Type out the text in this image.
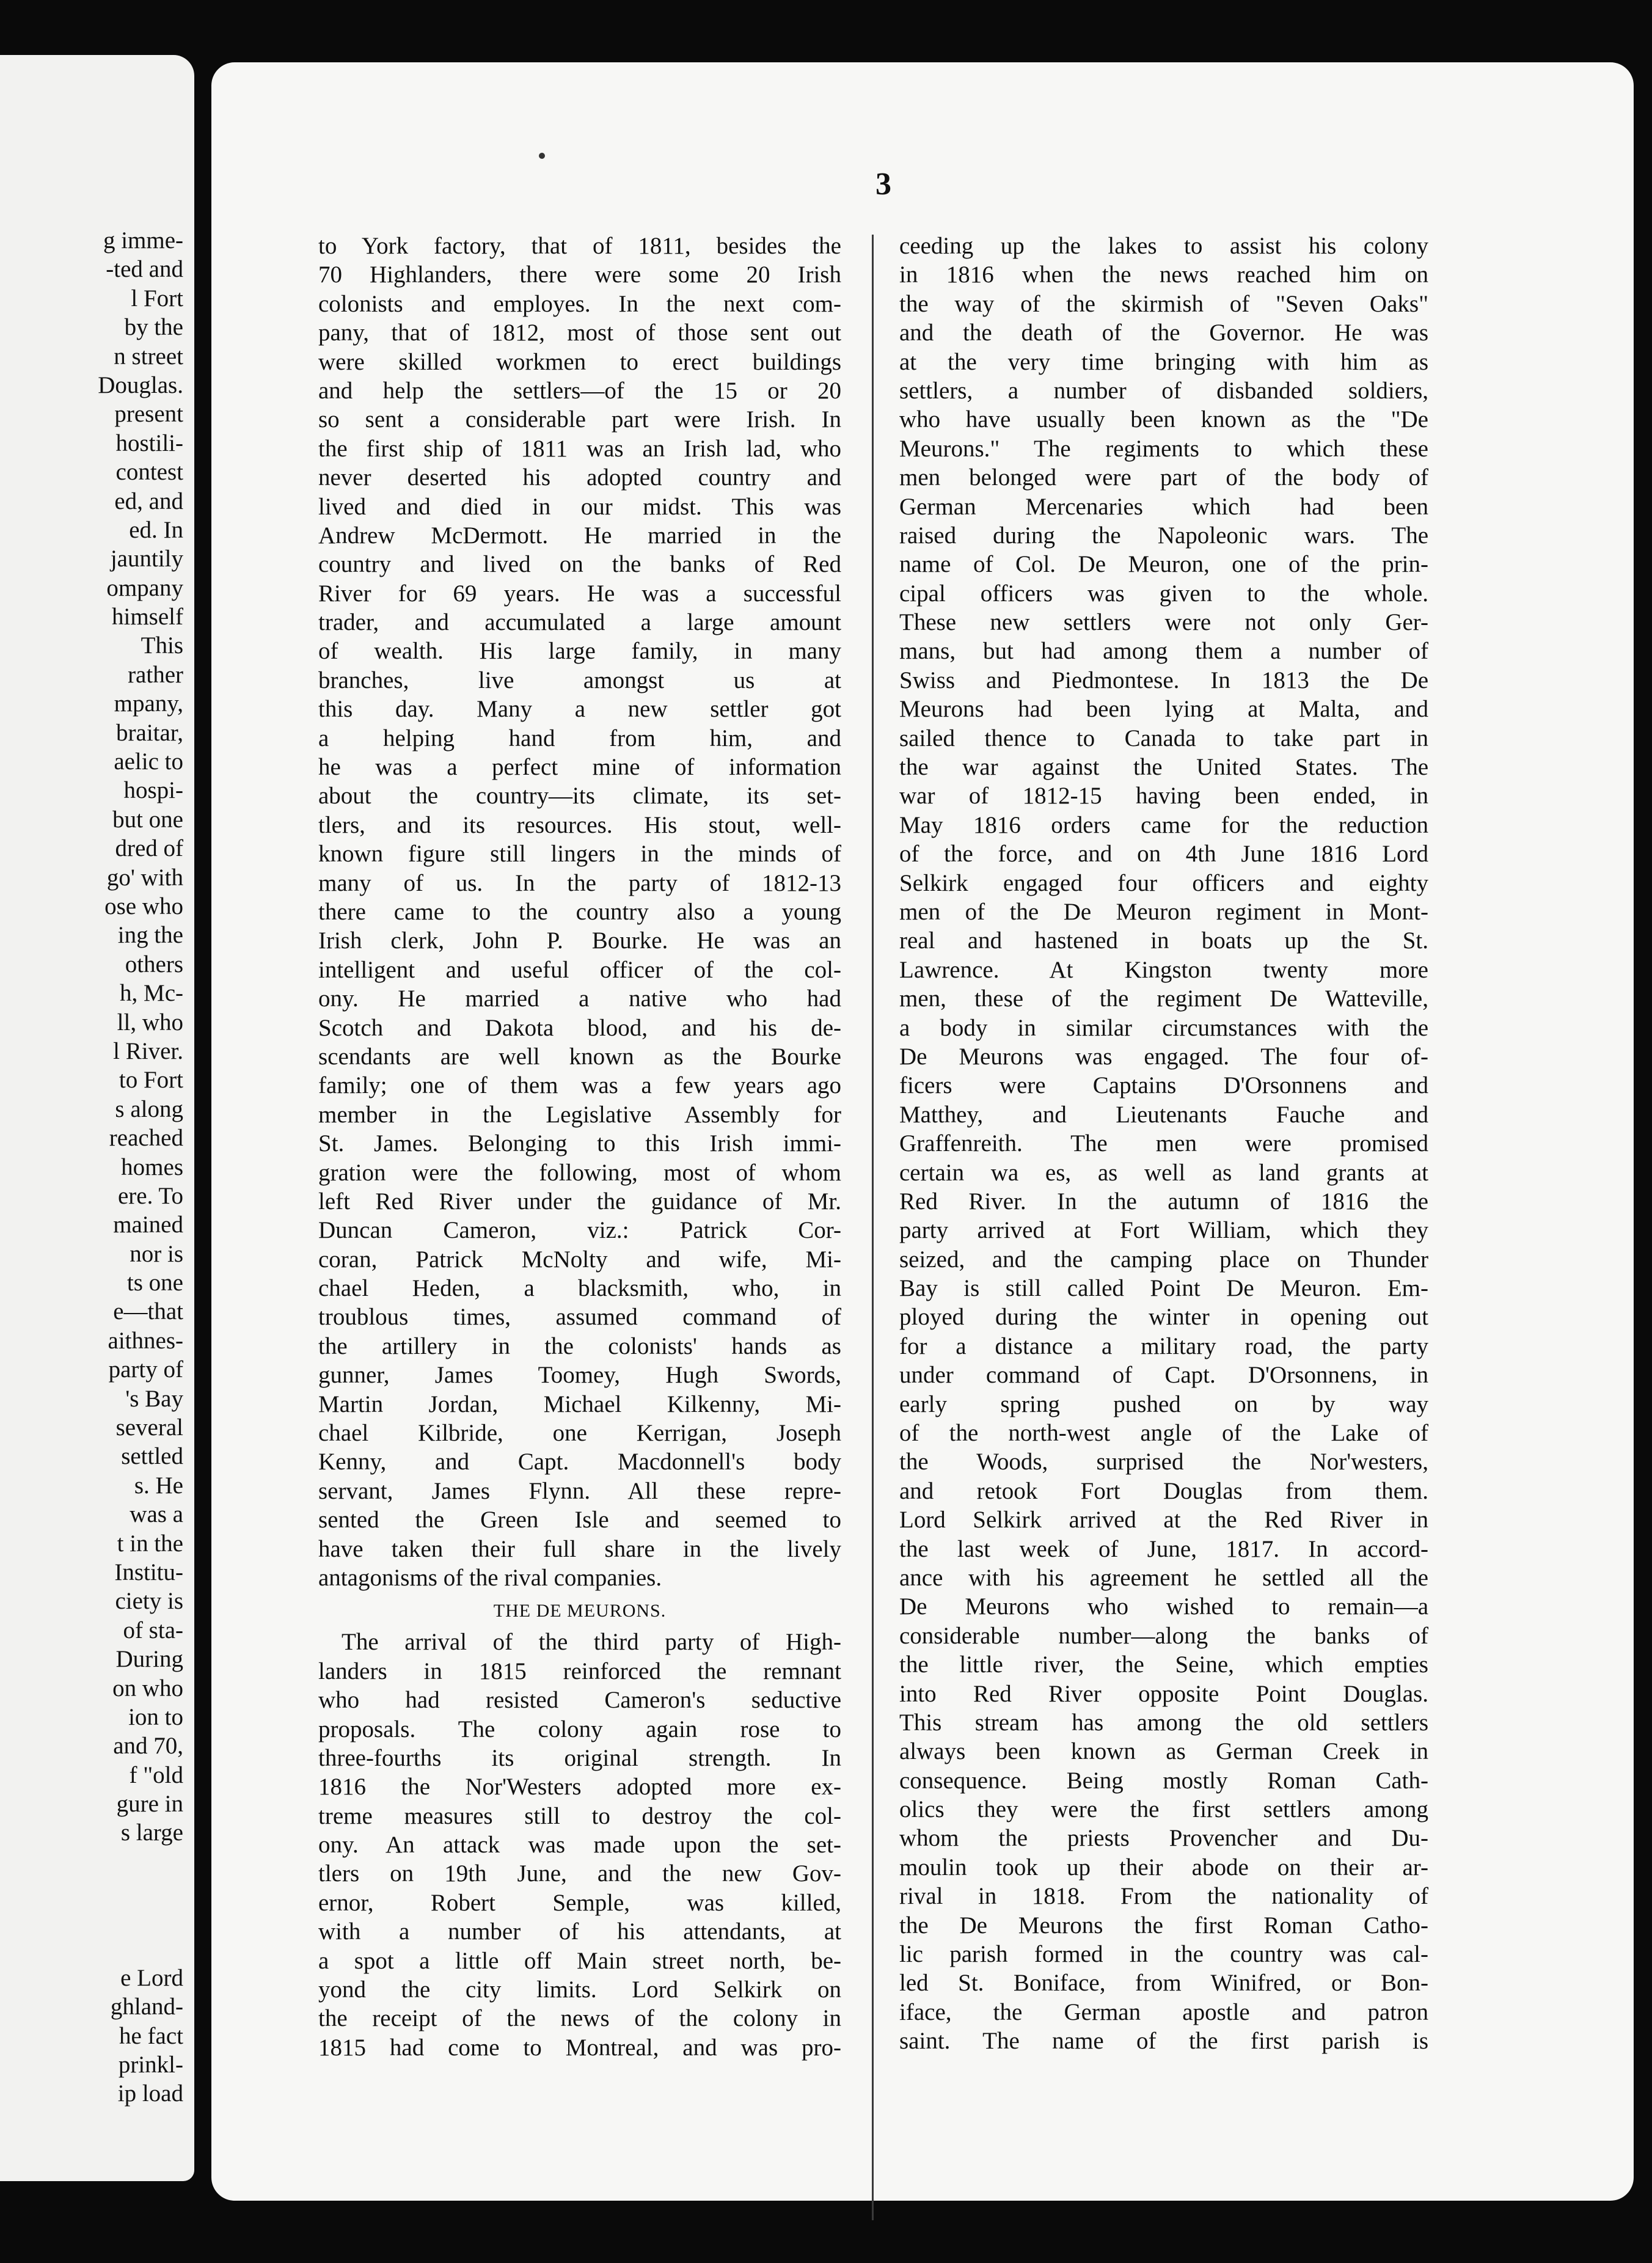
g imme-
-ted and
l Fort
by the
n street
Douglas.
present
hostili-
contest
ed, and
ed. In
jauntily
ompany
himself
This
rather
mpany,
braitar,
aelic to
hospi-
but one
dred of
go' with
ose who
ing the
others
h, Mc-
ll, who
l River.
to Fort
s along
reached
homes
ere. To
mained
nor is
ts one
e—that
aithnes-
party of
's Bay
several
settled
s. He
was a
t in the
Institu-
ciety is
of sta-
During
on who
ion to
and 70,
f "old
gure in
s large
e Lord
ghland-
he fact
prinkl-
ip load
3
to York factory, that of 1811, besides the
70 Highlanders, there were some 20 Irish
colonists and employes. In the next com-
pany, that of 1812, most of those sent out
were skilled workmen to erect buildings
and help the settlers—of the 15 or 20
so sent a considerable part were Irish. In
the first ship of 1811 was an Irish lad, who
never deserted his adopted country and
lived and died in our midst. This was
Andrew McDermott. He married in the
country and lived on the banks of Red
River for 69 years. He was a successful
trader, and accumulated a large amount
of wealth. His large family, in many
branches, live amongst us at
this day. Many a new settler got
a helping hand from him, and
he was a perfect mine of information
about the country—its climate, its set-
tlers, and its resources. His stout, well-
known figure still lingers in the minds of
many of us. In the party of 1812-13
there came to the country also a young
Irish clerk, John P. Bourke. He was an
intelligent and useful officer of the col-
ony. He married a native who had
Scotch and Dakota blood, and his de-
scendants are well known as the Bourke
family; one of them was a few years ago
member in the Legislative Assembly for
St. James. Belonging to this Irish immi-
gration were the following, most of whom
left Red River under the guidance of Mr.
Duncan Cameron, viz.: Patrick Cor-
coran, Patrick McNolty and wife, Mi-
chael Heden, a blacksmith, who, in
troublous times, assumed command of
the artillery in the colonists' hands as
gunner, James Toomey, Hugh Swords,
Martin Jordan, Michael Kilkenny, Mi-
chael Kilbride, one Kerrigan, Joseph
Kenny, and Capt. Macdonnell's body
servant, James Flynn. All these repre-
sented the Green Isle and seemed to
have taken their full share in the lively
antagonisms of the rival companies.
THE DE MEURONS.
The arrival of the third party of High-
landers in 1815 reinforced the remnant
who had resisted Cameron's seductive
proposals. The colony again rose to
three-fourths its original strength. In
1816 the Nor'Westers adopted more ex-
treme measures still to destroy the col-
ony. An attack was made upon the set-
tlers on 19th June, and the new Gov-
ernor, Robert Semple, was killed,
with a number of his attendants, at
a spot a little off Main street north, be-
yond the city limits. Lord Selkirk on
the receipt of the news of the colony in
1815 had come to Montreal, and was pro-
ceeding up the lakes to assist his colony
in 1816 when the news reached him on
the way of the skirmish of "Seven Oaks"
and the death of the Governor. He was
at the very time bringing with him as
settlers, a number of disbanded soldiers,
who have usually been known as the "De
Meurons." The regiments to which these
men belonged were part of the body of
German Mercenaries which had been
raised during the Napoleonic wars. The
name of Col. De Meuron, one of the prin-
cipal officers was given to the whole.
These new settlers were not only Ger-
mans, but had among them a number of
Swiss and Piedmontese. In 1813 the De
Meurons had been lying at Malta, and
sailed thence to Canada to take part in
the war against the United States. The
war of 1812-15 having been ended, in
May 1816 orders came for the reduction
of the force, and on 4th June 1816 Lord
Selkirk engaged four officers and eighty
men of the De Meuron regiment in Mont-
real and hastened in boats up the St.
Lawrence. At Kingston twenty more
men, these of the regiment De Watteville,
a body in similar circumstances with the
De Meurons was engaged. The four of-
ficers were Captains D'Orsonnens and
Matthey, and Lieutenants Fauche and
Graffenreith. The men were promised
certain wa es, as well as land grants at
Red River. In the autumn of 1816 the
party arrived at Fort William, which they
seized, and the camping place on Thunder
Bay is still called Point De Meuron. Em-
ployed during the winter in opening out
for a distance a military road, the party
under command of Capt. D'Orsonnens, in
early spring pushed on by way
of the north-west angle of the Lake of
the Woods, surprised the Nor'westers,
and retook Fort Douglas from them.
Lord Selkirk arrived at the Red River in
the last week of June, 1817. In accord-
ance with his agreement he settled all the
De Meurons who wished to remain—a
considerable number—along the banks of
the little river, the Seine, which empties
into Red River opposite Point Douglas.
This stream has among the old settlers
always been known as German Creek in
consequence. Being mostly Roman Cath-
olics they were the first settlers among
whom the priests Provencher and Du-
moulin took up their abode on their ar-
rival in 1818. From the nationality of
the De Meurons the first Roman Catho-
lic parish formed in the country was cal-
led St. Boniface, from Winifred, or Bon-
iface, the German apostle and patron
saint. The name of the first parish is
